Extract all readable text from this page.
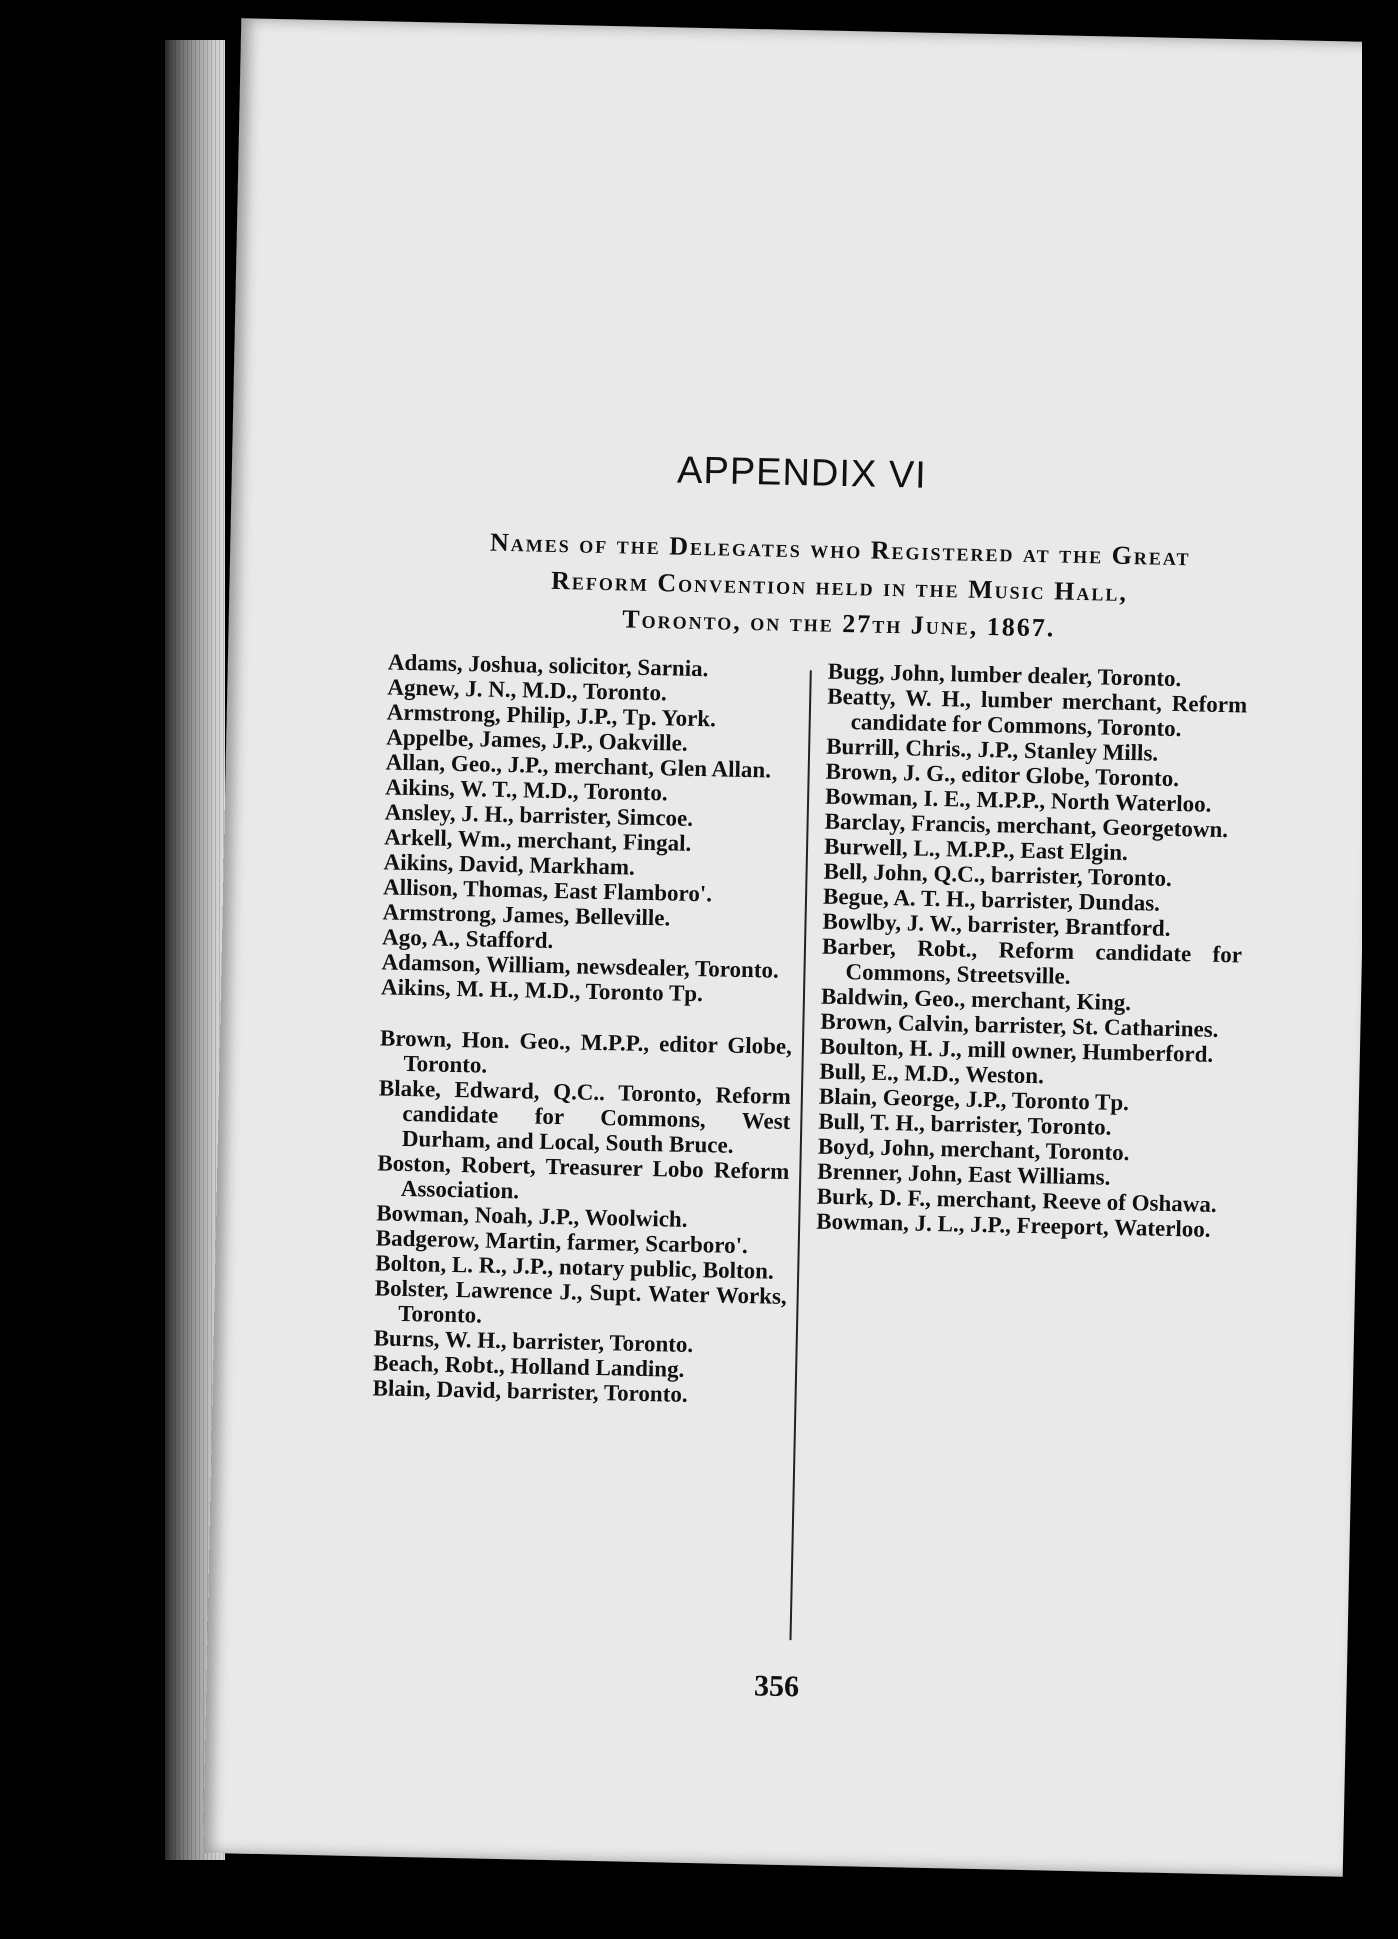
APPENDIX VI
Names of the Delegates who Registered at the Great
Reform Convention held in the Music Hall,
Toronto, on the 27th June, 1867.

Adams, Joshua, solicitor, Sarnia.

Agnew, J. N., M.D., Toronto.

Armstrong, Philip, J.P., Tp. York.

Appelbe, James, J.P., Oakville.

Allan, Geo., J.P., merchant, Glen Allan.

Aikins, W. T., M.D., Toronto.

Ansley, J. H., barrister, Simcoe.

Arkell, Wm., merchant, Fingal.

Aikins, David, Markham.

Allison, Thomas, East Flamboro'.

Armstrong, James, Belleville.

Ago, A., Stafford.

Adamson, William, newsdealer, Toronto.

Aikins, M. H., M.D., Toronto Tp.

Brown, Hon. Geo., M.P.P., editor Globe, Toronto.

Blake, Edward, Q.C.. Toronto, Reform candidate for Commons, West Durham, and Local, South Bruce.

Boston, Robert, Treasurer Lobo Reform Association.

Bowman, Noah, J.P., Woolwich.

Badgerow, Martin, farmer, Scarboro'.

Bolton, L. R., J.P., notary public, Bolton.

Bolster, Lawrence J., Supt. Water Works, Toronto.

Burns, W. H., barrister, Toronto.

Beach, Robt., Holland Landing.

Blain, David, barrister, Toronto.

Bugg, John, lumber dealer, Toronto.

Beatty, W. H., lumber merchant, Reform candidate for Commons, Toronto.

Burrill, Chris., J.P., Stanley Mills.

Brown, J. G., editor Globe, Toronto.

Bowman, I. E., M.P.P., North Waterloo.

Barclay, Francis, merchant, Georgetown.

Burwell, L., M.P.P., East Elgin.

Bell, John, Q.C., barrister, Toronto.

Begue, A. T. H., barrister, Dundas.

Bowlby, J. W., barrister, Brantford.

Barber, Robt., Reform candidate for Commons, Streetsville.

Baldwin, Geo., merchant, King.

Brown, Calvin, barrister, St. Catharines.

Boulton, H. J., mill owner, Humberford.

Bull, E., M.D., Weston.

Blain, George, J.P., Toronto Tp.

Bull, T. H., barrister, Toronto.

Boyd, John, merchant, Toronto.

Brenner, John, East Williams.

Burk, D. F., merchant, Reeve of Oshawa.

Bowman, J. L., J.P., Freeport, Waterloo.

356
